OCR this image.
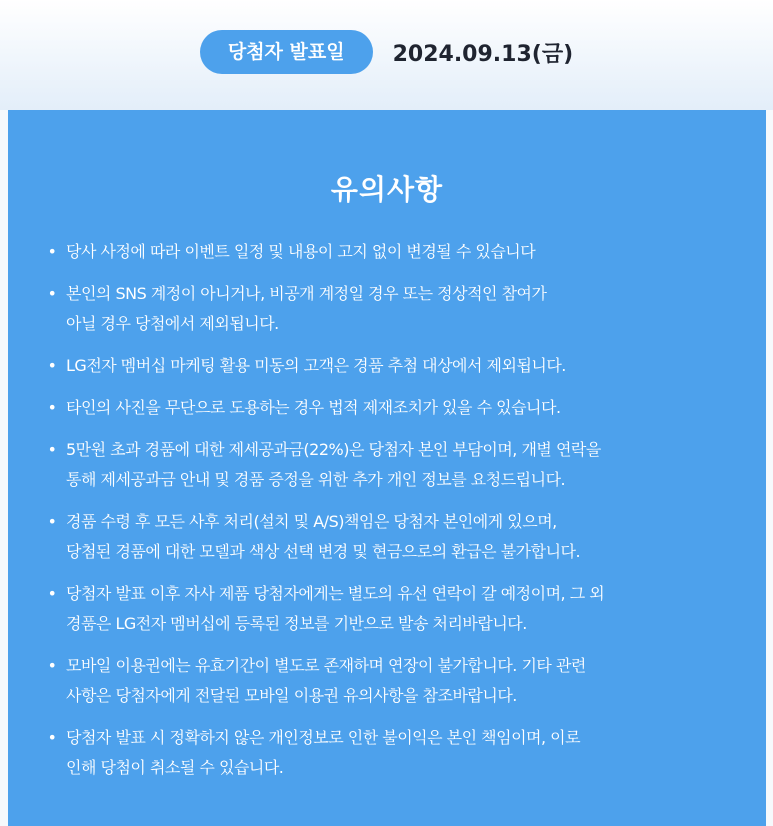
당첨자 발표일	2024.09.13(금)
유의사항
• 당사 사정에 따라 이벤트 일정 및 내용이 고지 없이 변경될 수 있습니다
• 본인의 SNS 계정이 아니거나, 비공개 계정일 경우 또는 정상적인 참여가
아닐 경우 당첨에서 제외됩니다.
• LG전자 멤버십 마케팅 활용 미동의 고객은 경품 추첨 대상에서 제외됩니다.
• 타인의 사진을 무단으로 도용하는 경우 법적 제재조치가 있을 수 있습니다.
• 5만원 초과 경품에 대한 제세공과금(22%)은 당첨자 본인 부담이며, 개별 연락을
통해 제세공과금 안내 및 경품 증정을 위한 추가 개인 정보를 요청드립니다.
• 경품 수령 후 모든 사후 처리(설치 및 A/S)책임은 당첨자 본인에게 있으며,
당첨된 경품에 대한 모델과 색상 선택 변경 및 현금으로의 환급은 불가합니다.
• 당첨자 발표 이후 자사 제품 당첨자에게는 별도의 유선 연락이 갈 예정이며, 그 외
경품은 LG전자 멤버십에 등록된 정보를 기반으로 발송 처리바랍니다.
• 모바일 이용권에는 유효기간이 별도로 존재하며 연장이 불가합니다. 기타 관련
사항은 당첨자에게 전달된 모바일 이용권 유의사항을 참조바랍니다.
• 당첨자 발표 시 정확하지 않은 개인정보로 인한 불이익은 본인 책임이며, 이로
인해 당첨이 취소될 수 있습니다.
